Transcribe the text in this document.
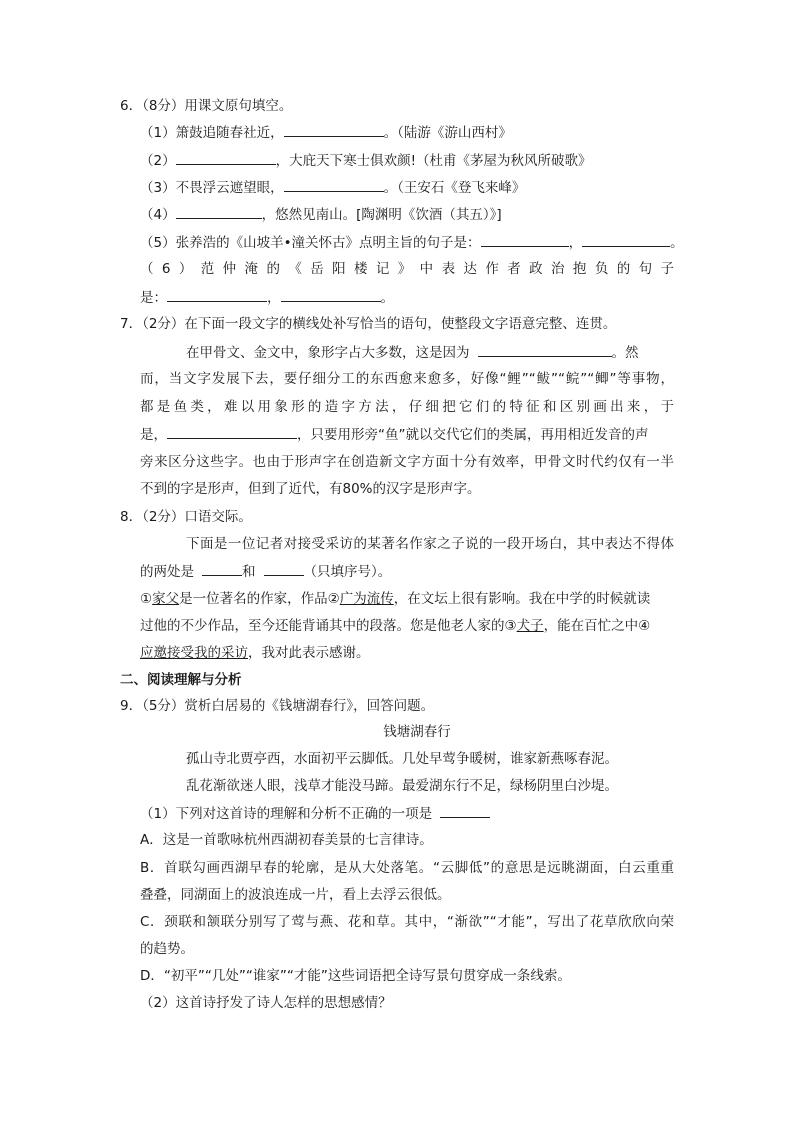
6．（8分）用课文原句填空。
（1）箫鼓追随春社近，	。（陆游《游山西村》
（2）	，大庇天下寒士俱欢颜!（杜甫《茅屋为秋风所破歌》
（3）不畏浮云遮望眼，	。（王安石《登飞来峰》
（4）	，悠然见南山。[陶渊明《饮酒（其五）》]
（5）张养浩的《山坡羊•潼关怀古》点明主旨的句子是：	，	。
（6）范仲淹的《岳阳楼记》中表达作者政治抱负的句子
是：	，	。
7．（2分）在下面一段文字的横线处补写恰当的语句，使整段文字语意完整、连贯。
在甲骨文、金文中，象形字占大多数，这是因为	。然
而，当文字发展下去，要仔细分工的东西愈来愈多，好像“鲤”“鲅”“鲩”“鲫”等事物，
都是鱼类，难以用象形的造字方法，仔细把它们的特征和区别画出来，于
是，	，只要用形旁“鱼”就以交代它们的类属，再用相近发音的声
旁来区分这些字。也由于形声字在创造新文字方面十分有效率，甲骨文时代约仅有一半
不到的字是形声，但到了近代，有80%的汉字是形声字。
8．（2分）口语交际。
下面是一位记者对接受采访的某著名作家之子说的一段开场白，其中表达不得体
的两处是	和	（只填序号）。
①家父是一位著名的作家，作品②广为流传，在文坛上很有影响。我在中学的时候就读
过他的不少作品，至今还能背诵其中的段落。您是他老人家的③犬子，能在百忙之中④
应邀接受我的采访，我对此表示感谢。
二、阅读理解与分析
9．（5分）赏析白居易的《钱塘湖春行》，回答问题。
钱塘湖春行
孤山寺北贾亭西，水面初平云脚低。几处早莺争暖树，谁家新燕啄春泥。
乱花渐欲迷人眼，浅草才能没马蹄。最爱湖东行不足，绿杨阴里白沙堤。
（1）下列对这首诗的理解和分析不正确的一项是
A．这是一首歌咏杭州西湖初春美景的七言律诗。
B．首联勾画西湖早春的轮廓，是从大处落笔。“云脚低”的意思是远眺湖面，白云重重
叠叠，同湖面上的波浪连成一片，看上去浮云很低。
C．颈联和颔联分别写了莺与燕、花和草。其中，“渐欲”“才能”，写出了花草欣欣向荣
的趋势。
D．“初平”“几处”“谁家”“才能”这些词语把全诗写景句贯穿成一条线索。
（2）这首诗抒发了诗人怎样的思想感情？
